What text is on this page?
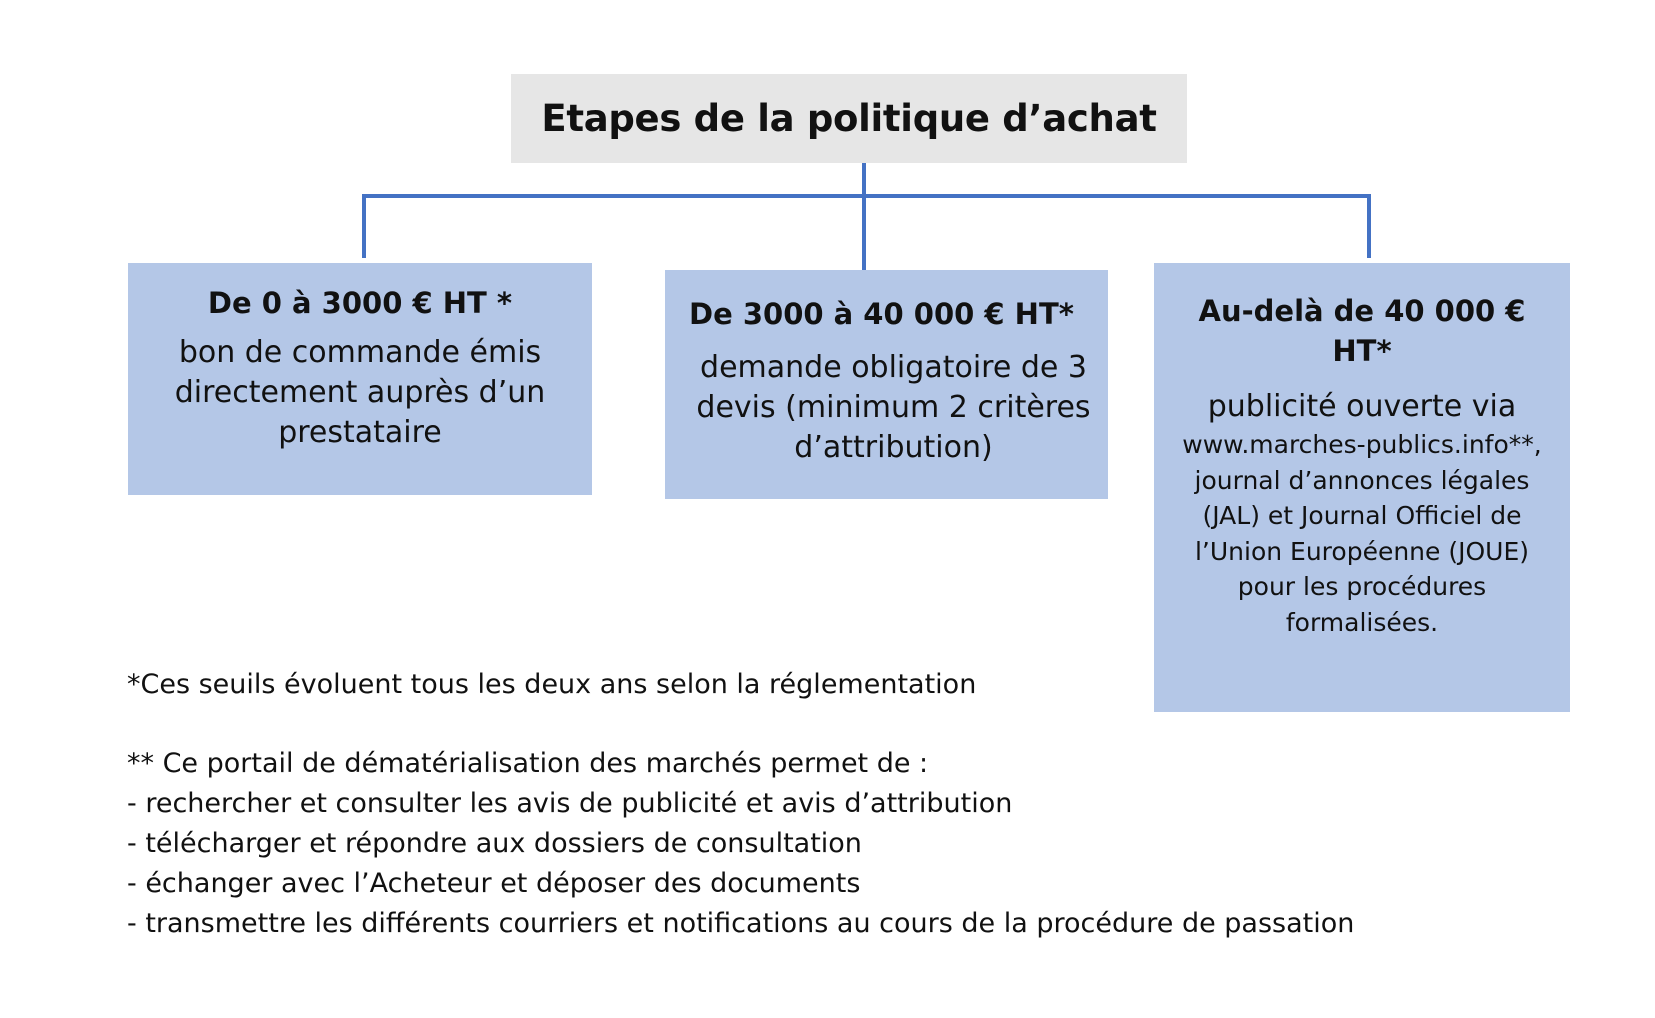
Etapes de la politique d’achat
De 0 à 3000 € HT *
bon de commande émis
directement auprès d’un
prestataire
De 3000 à 40 000 € HT*
demande obligatoire de 3
devis (minimum 2 critères
d’attribution)
Au-delà de 40 000 €
HT*
publicité ouverte via
www.marches-publics.info**,
journal d’annonces légales
(JAL) et Journal Officiel de
l’Union Européenne (JOUE)
pour les procédures
formalisées.
*Ces seuils évoluent tous les deux ans selon la réglementation
** Ce portail de dématérialisation des marchés permet de :
- rechercher et consulter les avis de publicité et avis d’attribution
- télécharger et répondre aux dossiers de consultation
- échanger avec l’Acheteur et déposer des documents
- transmettre les différents courriers et notifications au cours de la procédure de passation
